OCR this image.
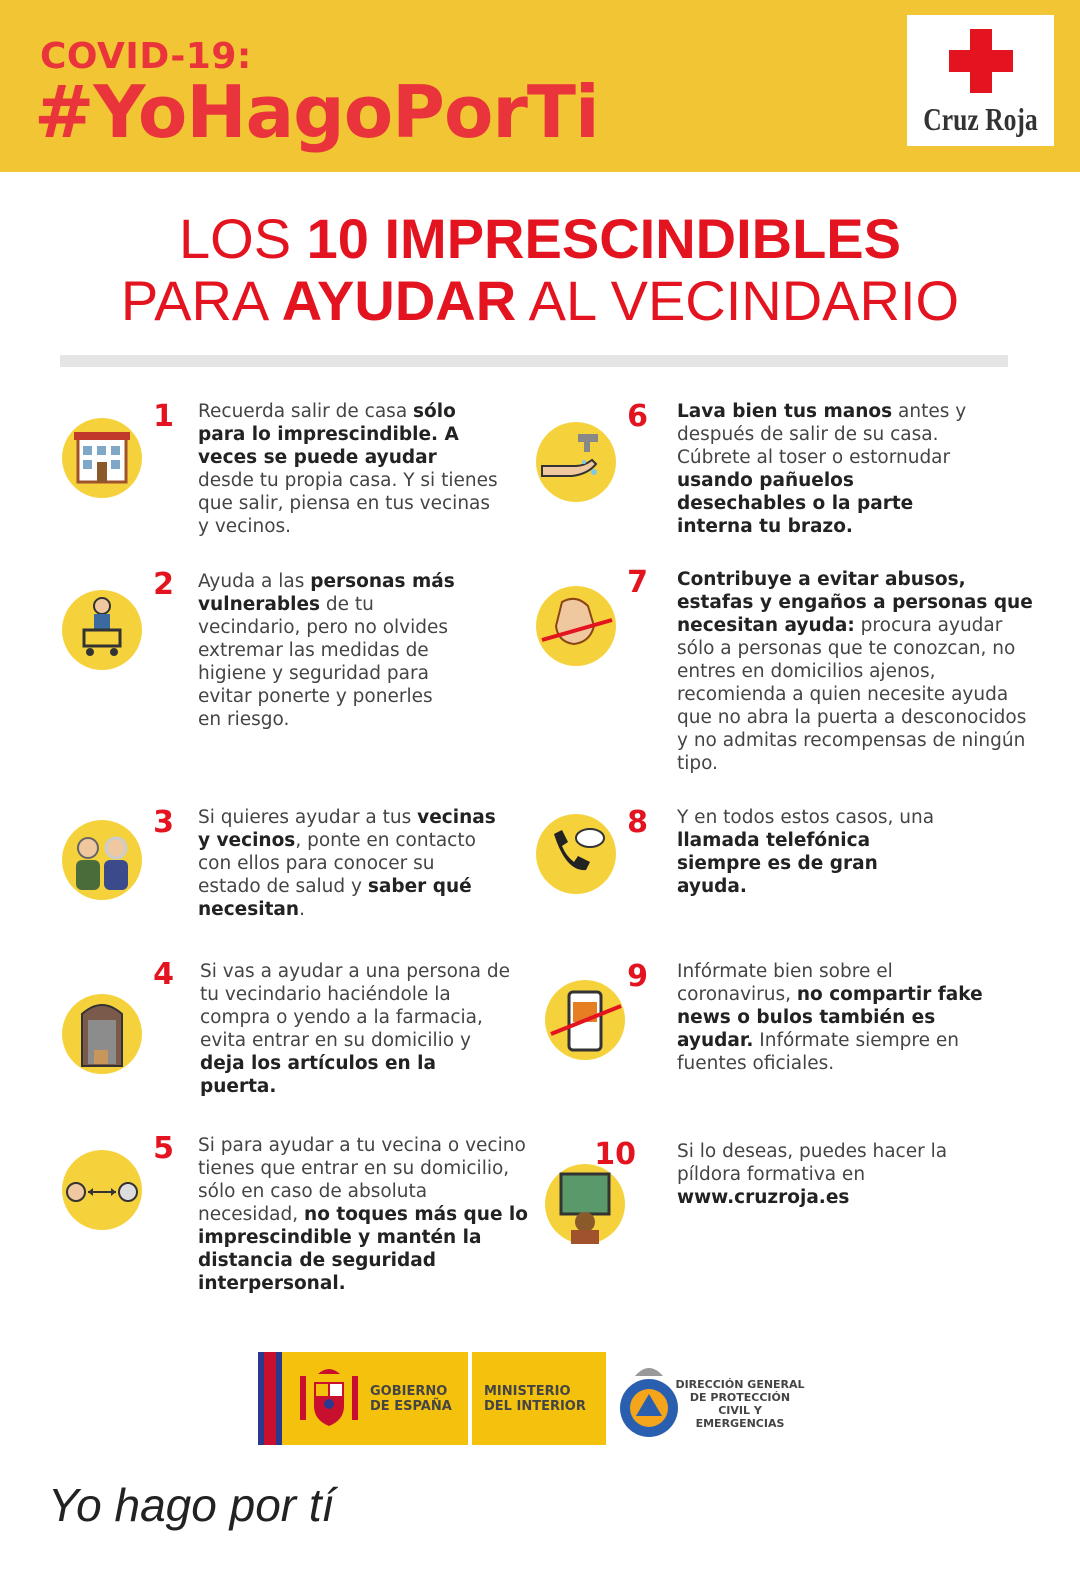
COVID-19:
#YoHagoPorTi	Cruz Roja
LOS 10 IMPRESCINDIBLES
PARA AYUDAR AL VECINDARIO
1 Recuerda salir de casa sólo para lo imprescindible. A veces se puede ayudar desde tu propia casa. Y si tienes que salir, piensa en tus vecinas y vecinos.
2 Ayuda a las personas más vulnerables de tu vecindario, pero no olvides extremar las medidas de higiene y seguridad para evitar ponerte y ponerles en riesgo.
3 Si quieres ayudar a tus vecinas y vecinos, ponte en contacto con ellos para conocer su estado de salud y saber qué necesitan.
4 Si vas a ayudar a una persona de tu vecindario haciéndole la compra o yendo a la farmacia, evita entrar en su domicilio y deja los artículos en la puerta.
5 Si para ayudar a tu vecina o vecino tienes que entrar en su domicilio, sólo en caso de absoluta necesidad, no toques más que lo imprescindible y mantén la distancia de seguridad interpersonal.
6 Lava bien tus manos antes y después de salir de su casa. Cúbrete al toser o estornudar usando pañuelos desechables o la parte interna tu brazo.
7 Contribuye a evitar abusos, estafas y engaños a personas que necesitan ayuda: procura ayudar sólo a personas que te conozcan, no entres en domicilios ajenos, recomienda a quien necesite ayuda que no abra la puerta a desconocidos y no admitas recompensas de ningún tipo.
8 Y en todos estos casos, una llamada telefónica siempre es de gran ayuda.
9 Infórmate bien sobre el coronavirus, no compartir fake news o bulos también es ayudar. Infórmate siempre en fuentes oficiales.
10 Si lo deseas, puedes hacer la píldora formativa en www.cruzroja.es
GOBIERNO
DE ESPAÑA
MINISTERIO
DEL INTERIOR
DIRECCIÓN GENERAL
DE PROTECCIÓN
CIVIL Y
EMERGENCIAS
Yo hago por tí
